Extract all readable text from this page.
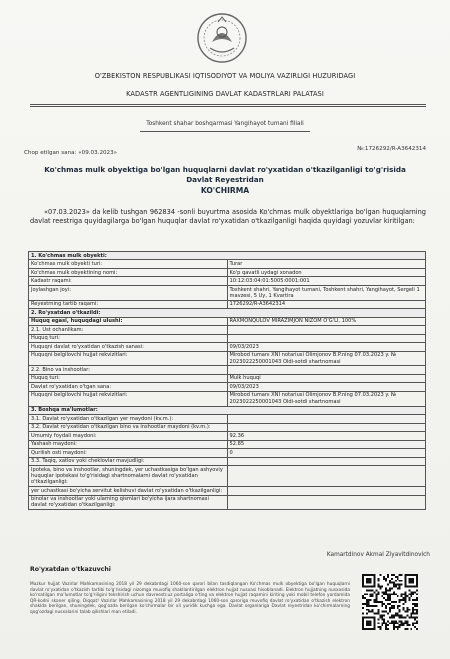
O'ZBEKISTON RESPUBLIKASI IQTISODIYOT VA MOLIYA VAZIRLIGI HUZURIDAGI
KADASTR AGENTLIGINING DAVLAT KADASTRLARI PALATASI
Toshkent shahar boshqarmasi Yangihayot tumani filiali
Chop etilgan sana: «09.03.2023»
№:1726292/R-A3642314
Ko'chmas mulk obyektiga bo'lgan huquqlarni davlat ro'yxatidan o'tkazilganligi to'g'risida Davlat Reyestridan
KO'CHIRMA
«07.03.2023» da kelib tushgan 962834 -sonli buyurtma asosida Ko'chmas mulk obyektlariga bo'lgan huquqlarning davlat reestriga quyidagilarga bo'lgan huquqlar davlat ro'yxatidan o'tkazilganligi haqida quyidagi yozuvlar kiritilgan:
1. Ko'chmas mulk obyekti:	
Ko'chmas mulk obyekti turi:	Turar
Ko'chmas mulk obyektining nomi:	Ko'p qavatli uydagi xonadon
Kadastr raqami:	10:12:03:04:01:5005:0001:001
Joylashgan joyi:	Toshkent shahri, Yangihayot tumani, Toshkent shahri, Yangihayot, Sergeli 1 mavzesi, 5 Uy, 1 Kvartira
Reyestrning tartib raqami:	1726292/R-A3642314
2. Ro'yxatdan o'tkazildi:	
Huquq egasi, huquqdagi ulushi:	RAXMONQULOV MIRAZIMJON NIZOM O'G'LI, 100%
2.1. Ust ochanlikam:	
Huquq turi:	
Huquqni davlat ro'yxatidan o'tkazish sanasi:	09/03/2023
Huquqni belgilovchi hujjat rekvizitlari:	Mirobod tumanı XNI notariusi Olimjonov B.P.ning 07.03.2023 y. № 2023022250001043 Oldi-sotdi shartnomasi
2.2. Bino va inshootlar:	
Huquq turi:	Mulk huquqi
Davlat ro'yxatidan o'tgan sana:	09/03/2023
Huquqni belgilovchi hujjat rekvizitlari:	Mirobod tumanı XNI notariusi Olimjonov B.P.ning 07.03.2023 y. № 2023022250001043 Oldi-sotdi shartnomasi
3. Boshqa ma'lumotlar:	
3.1. Davlat ro'yxatidan o'tkazilgan yer maydoni (kv.m.):	
3.2. Davlat ro'yxatidan o'tkazilgan bino va inshootlar maydoni (kv.m.):	
Umumiy foydali maydoni:	92.36
Yashash maydoni:	52.85
Qurilish osti maydoni:	0
3.3. Taqiq, xatlov yoki cheklovlar mavjudligi:	
Ipoteka, bino va inshootlar, shuningdek, yer uchastkasiga bo'lgan ashyoviy huquqlar ipotekasi to'g'risidagi shartnomalarni davlat ro'yxatidan o'tkazilganligi:	
yer uchastkasi bo'yicha servitut kelishuvi davlat ro'yxatidan o'tkazilganligi:	
binolar va inshootlar yoki ularning qismlari bo'yicha ijara shartnomasi davlat ro'yxatidan o'tkazilganligi:	
Kamartdinov Akmal Ziyavitdinovich
Ro'yxatdan o'tkazuvchi
Mazkur hujjat Vazirlar Mahkamasining 2018 yil 29 dekabrdagi 1060-son qarori bilan tasdiqlangan Ko'chmas mulk obyektiga bo'lgan huquqlarni davlat ro'yxatidan o'tkazish tartibi to'g'risidagi nizomga muvofiq shakllantirilgan elektron hujjat nusxasi hisoblanadi. Elektron hujjatning nusxasida ko'rsatilgan ma'lumotlar to'g'riligini tekshirish uchun davreestr.uz portaliga o'ting va elektron hujjat raqamini kiriting yoki mobil telefon yordamida QR-kodni skaner qiling. Diqqat! Vazirlar Mahkamasining 2018 yil 29 dekabrdagi 1060-son qaroriga muvofiq davlat ro'yxatidan o'tkazish elektron shaklda berilgan, shuningdek, qog'ozda berilgan ko'chirmalar bir xil yuridik kuchga ega. Davlat organlariga Davlat reyestridan ko'chirmalarning qog'ozdagi nusxalarini talab qilishlari man etiladi.
